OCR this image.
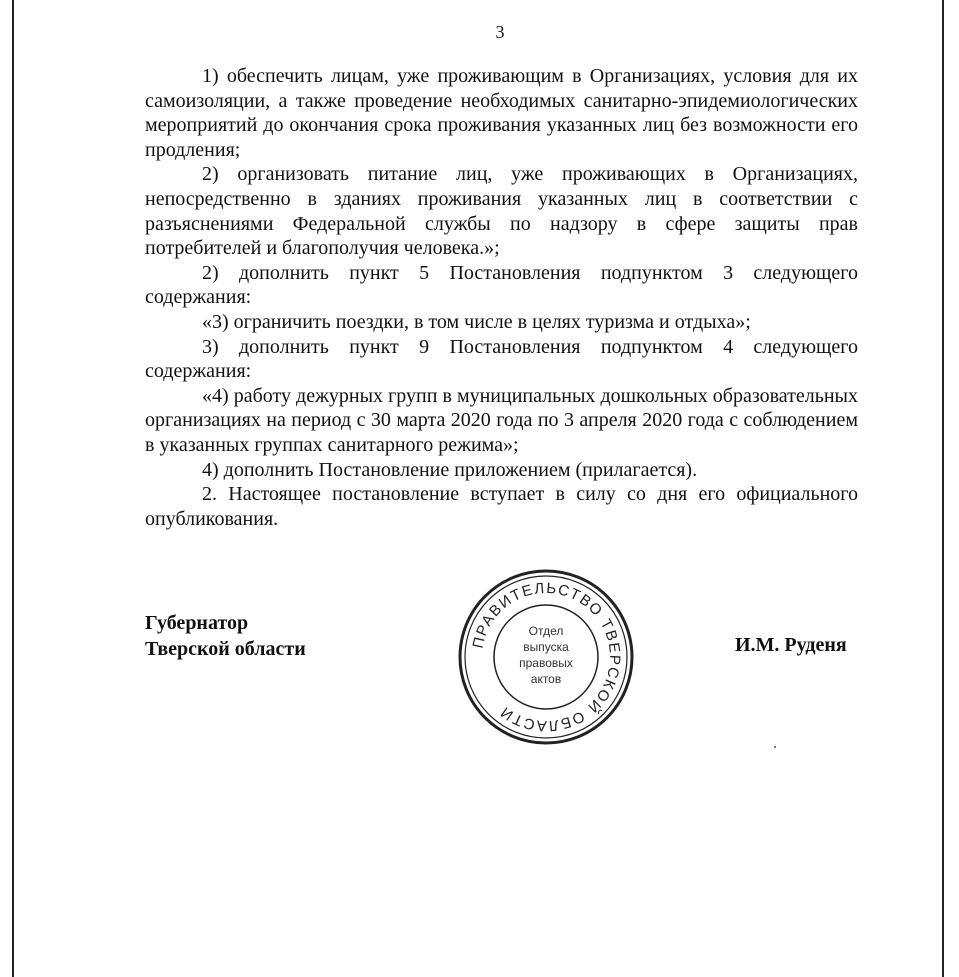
3

1) обеспечить лицам, уже проживающим в Организациях, условия для их самоизоляции, а также проведение необходимых санитарно-эпидемиологических мероприятий до окончания срока проживания указанных лиц без возможности его продления;

2) организовать питание лиц, уже проживающих в Организациях, непосредственно в зданиях проживания указанных лиц в соответствии с разъяснениями Федеральной службы по надзору в сфере защиты прав потребителей и благополучия человека.»;

2) дополнить пункт 5 Постановления подпунктом 3 следующего содержания:

«3) ограничить поездки, в том числе в целях туризма и отдыха»;

3) дополнить пункт 9 Постановления подпунктом 4 следующего содержания:

«4) работу дежурных групп в муниципальных дошкольных образовательных организациях на период с 30 марта 2020 года по 3 апреля 2020 года с соблюдением в указанных группах санитарного режима»;

4) дополнить Постановление приложением (прилагается).

2. Настоящее постановление вступает в силу со дня его официального опубликования.

Губернатор
Тверской области	И.М. Руденя
ПРАВИТЕЛЬСТВО ТВЕРСКОЙ ОБЛАСТИ
Отдел
выпуска
правовых
актов
